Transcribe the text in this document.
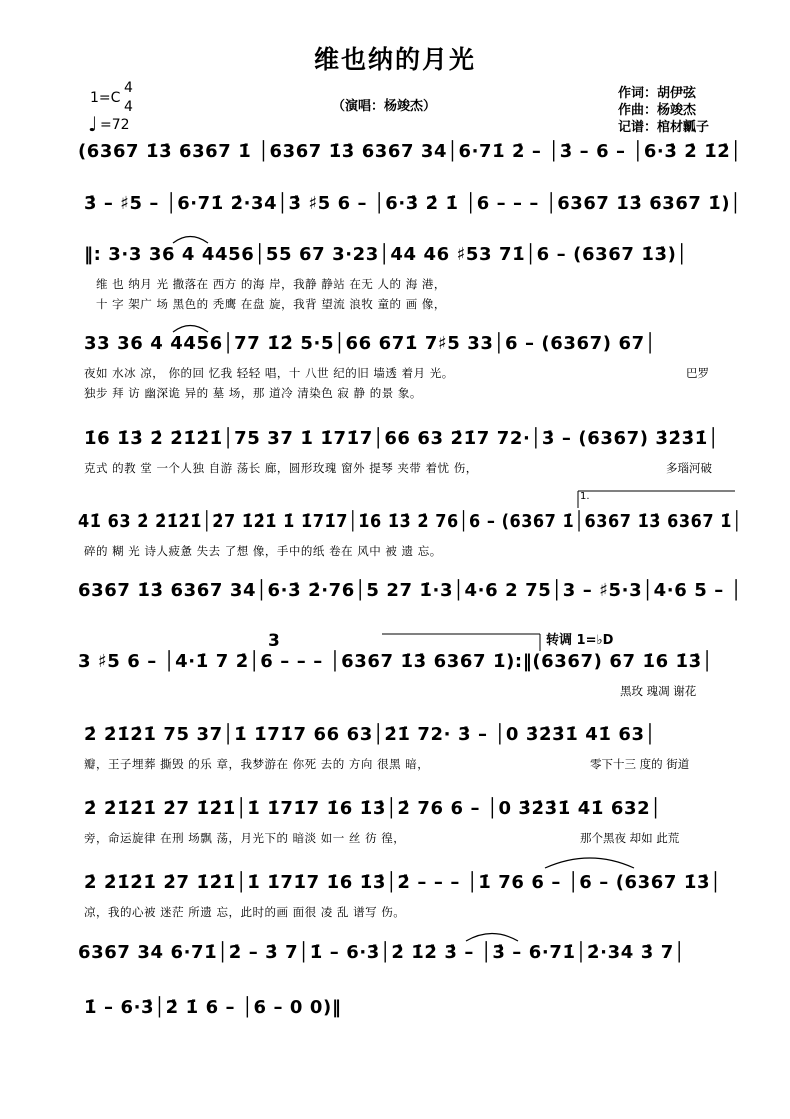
维也纳的月光
（演唱：杨竣杰）
作词：胡伊弦
作曲：杨竣杰
记谱：棺材瓤子
1=C
4
4
♩ =72
(6367 1̇3̇ 6367 1̇ │6367 1̇3̇ 6367 34│6·71̇ 2̇ – │3̇ – 6 – │6·3̇ 2̇ 1̇2̇│
3̇ – ♯5 – │6·71̇ 2̇·34│3̇ ♯5 6 – │6·3̇ 2̇ 1̇ │6 – – – │6367 1̇3̇ 6367 1̇)│
‖: 3·3 36 4 4456│55 67 3·23│44 46 ♯53 71̇│6 – (6367 1̇3̇)│
维 也 纳月 光 撒落在 西方 的海 岸，我静 静站 在无 人的 海 港，
十 字 架广 场 黑色的 秃鹰 在盘 旋，我背 望流 浪牧 童的 画 像，
33 36 4 4456│77 1̇2̇ 5·5│66 671̇ 7♯5 33│6 – (6367) 67│
夜如 水冰 凉， 你的回 忆我 轻轻 唱，十 八世 纪的旧 墙透 着月 光。	巴罗
独步 拜 访 幽深诡 异的 墓 场，那 道冷 清染色 寂 静 的景 象。
1̇6 1̇3̇ 2̇ 2̇1̇2̇1̇│75 37 1̇ 1̇71̇7│66 63 2̇1̇7 72·│3̇ – (6367) 3̇2̇3̇1̇│
克式 的教 堂 一个人独 自游 荡长 廊，圆形玫瑰 窗外 提琴 夹带 着忧 伤，	多瑙河破
1.
41̇ 63 2̇ 2̇1̇2̇1̇│2̇7 1̇2̇1̇ 1̇ 1̇71̇7│1̇6 1̇3̇ 2̇ 76│6 – (6367 1̇│6367 1̇3̇ 6367 1̇│
碎的 糊 光 诗人疲惫 失去 了想 像，手中的纸 卷在 风中 被 遗 忘。
6367 1̇3̇ 6367 34│6·3̇ 2̇·76│5 27 1̇·3│4·6 2 75│3 – ♯5·3│4·6 5 – │
3	转调 1=♭D
3 ♯5 6 – │4·1̇ 7 2̇│6 – – – │6367 1̇3̇ 6367 1̇):‖(6367) 67 1̇6 1̇3̇│
黑玫 瑰凋 谢花
2̇ 2̇1̇2̇1̇ 75 37│1̇ 1̇71̇7 66 63│2̇1̇ 72· 3̇ – │0 3̇2̇3̇1̇ 41̇ 63│
瓣，王子埋葬 撕毁 的乐 章，我梦游在 你死 去的 方向 很黑 暗，	零下十三 度的 街道
2̇ 2̇1̇2̇1̇ 2̇7 1̇2̇1̇│1̇ 1̇71̇7 1̇6 1̇3̇│2̇ 76 6 – │0 3̇2̇3̇1̇ 41̇ 632│
旁，命运旋律 在刑 场飘 荡，月光下的 暗淡 如一 丝 彷 徨，	那个黑夜 却如 此荒
2̇ 2̇1̇2̇1̇ 2̇7 1̇2̇1̇│1̇ 1̇71̇7 1̇6 1̇3̇│2̇ – – – │1̇ 76 6 – │6 – (6367 1̇3̇│
凉，我的心被 迷茫 所遗 忘，此时的画 面很 凌 乱 谱写 伤。
6367 34 6·71̇│2̇ – 3̇ 7│1̇ – 6·3̇│2̇ 1̇2̇ 3̇ – │3̇ – 6·71̇│2̇·34 3̇ 7│
1̇ – 6·3̇│2̇ 1̇ 6 – │6 – 0 0)‖
